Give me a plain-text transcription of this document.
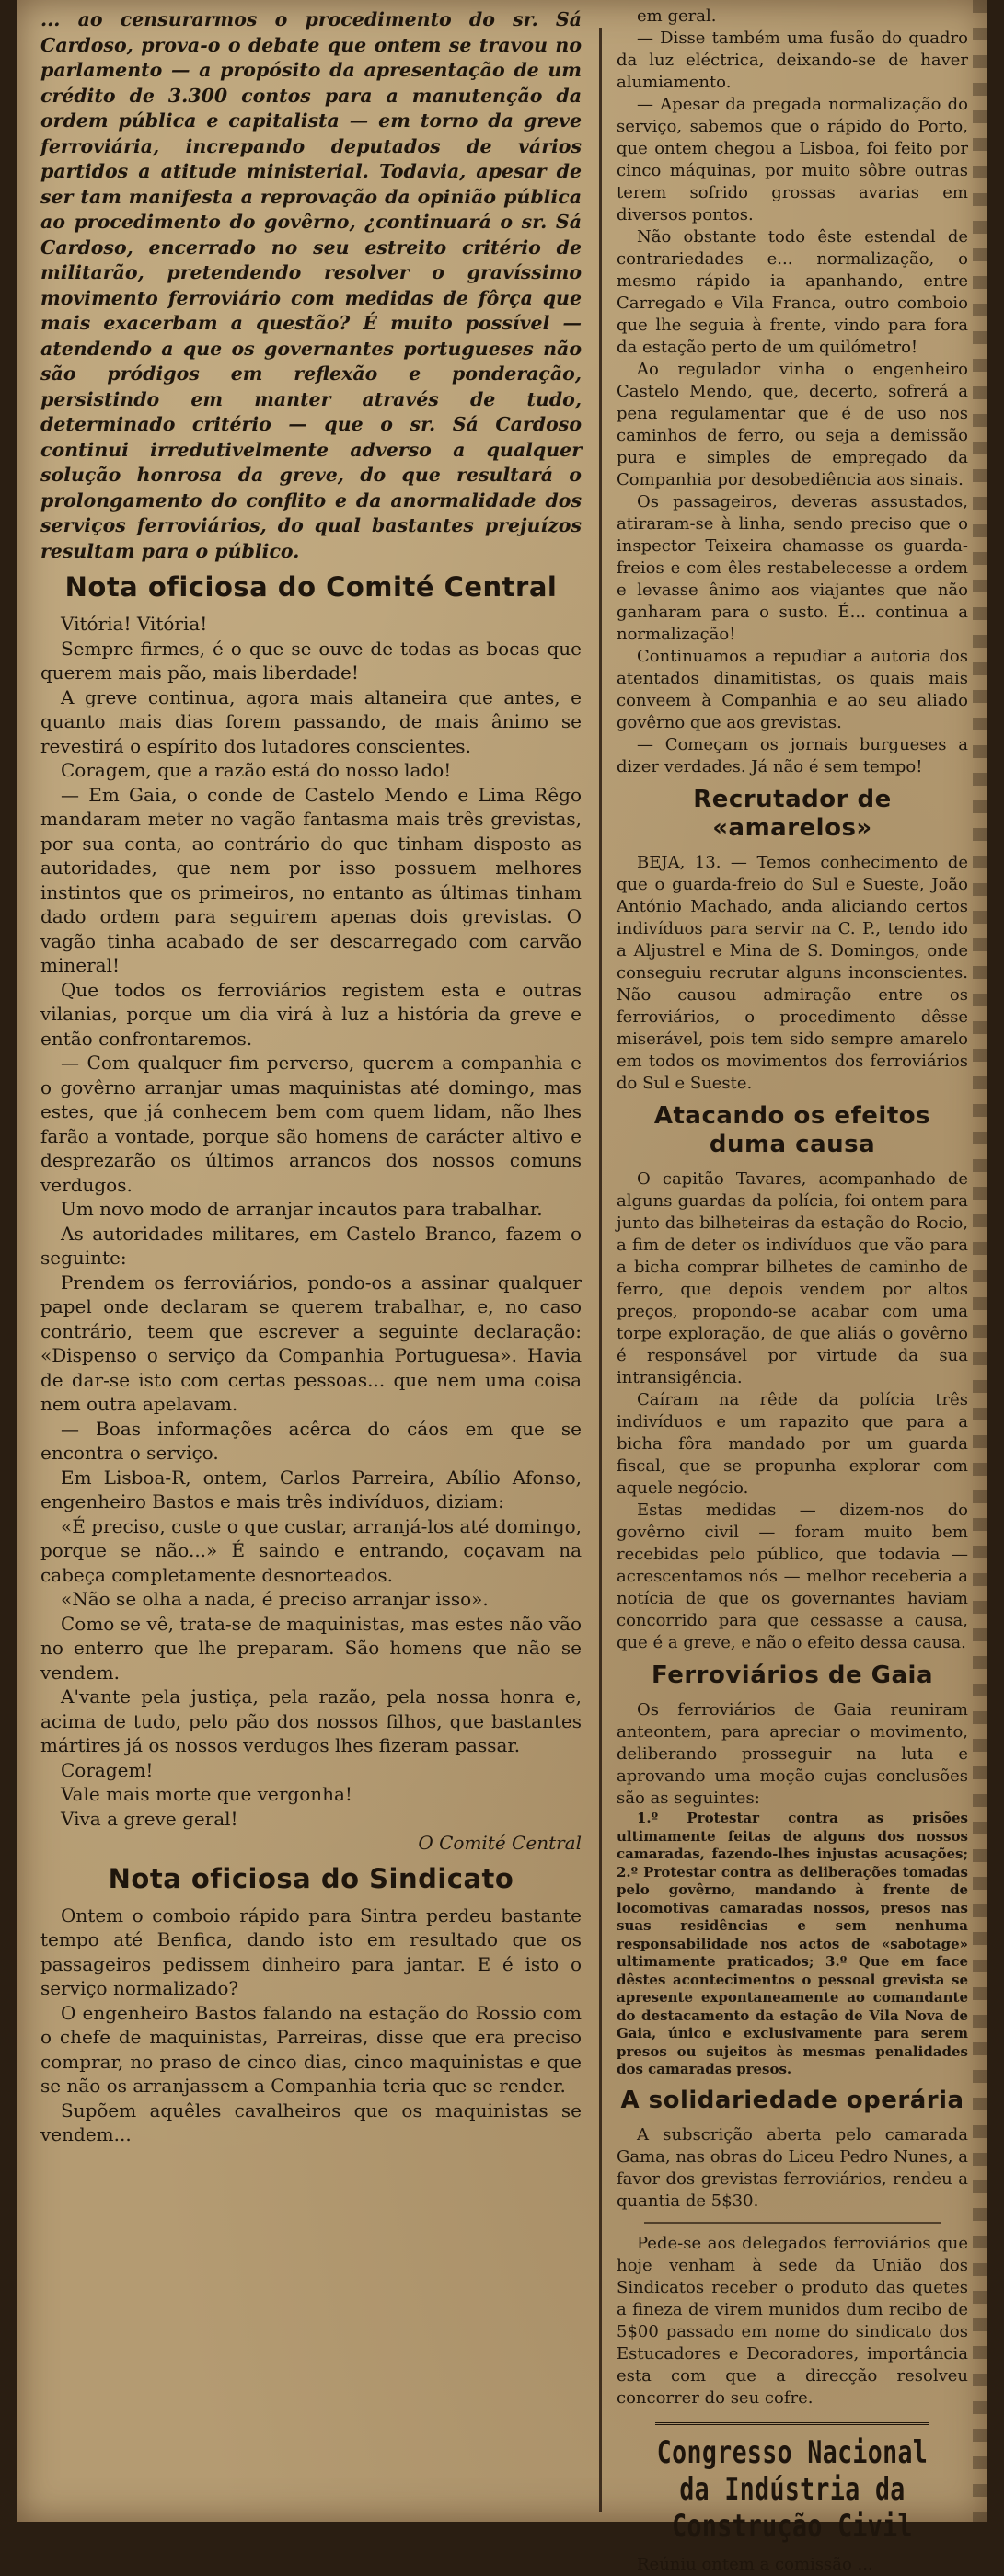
... ao censurarmos o procedimento do sr. Sá Cardoso, prova-o o debate que ontem se travou no parlamento — a propósito da apresentação de um crédito de 3.300 contos para a manutenção da ordem pública e capitalista — em torno da greve ferroviária, increpando deputados de vários partidos a atitude ministerial. Todavia, apesar de ser tam manifesta a reprovação da opinião pública ao procedimento do govêrno, ¿continuará o sr. Sá Cardoso, encerrado no seu estreito critério de militarão, pretendendo resolver o gravíssimo movimento ferroviário com medidas de fôrça que mais exacerbam a questão? É muito possível — atendendo a que os governantes portugueses não são pródigos em reflexão e ponderação, persistindo em manter através de tudo, determinado critério — que o sr. Sá Cardoso continui irredutivelmente adverso a qualquer solução honrosa da greve, do que resultará o prolongamento do conflito e da anormalidade dos serviços ferroviários, do qual bastantes prejuízos resultam para o público.

Nota oficiosa do Comité Central

Vitória! Vitória!

Sempre firmes, é o que se ouve de todas as bocas que querem mais pão, mais liberdade!

A greve continua, agora mais altaneira que antes, e quanto mais dias forem passando, de mais ânimo se revestirá o espírito dos lutadores conscientes.

Coragem, que a razão está do nosso lado!

— Em Gaia, o conde de Castelo Mendo e Lima Rêgo mandaram meter no vagão fantasma mais três grevistas, por sua conta, ao contrário do que tinham disposto as autoridades, que nem por isso possuem melhores instintos que os primeiros, no entanto as últimas tinham dado ordem para seguirem apenas dois grevistas. O vagão tinha acabado de ser descarregado com carvão mineral!

Que todos os ferroviários registem esta e outras vilanias, porque um dia virá à luz a história da greve e então confrontaremos.

— Com qualquer fim perverso, querem a companhia e o govêrno arranjar umas maquinistas até domingo, mas estes, que já conhecem bem com quem lidam, não lhes farão a vontade, porque são homens de carácter altivo e desprezarão os últimos arrancos dos nossos comuns verdugos.

Um novo modo de arranjar incautos para trabalhar.

As autoridades militares, em Castelo Branco, fazem o seguinte:

Prendem os ferroviários, pondo-os a assinar qualquer papel onde declaram se querem trabalhar, e, no caso contrário, teem que escrever a seguinte declaração: «Dispenso o serviço da Companhia Portuguesa». Havia de dar-se isto com certas pessoas... que nem uma coisa nem outra apelavam.

— Boas informações acêrca do cáos em que se encontra o serviço.

Em Lisboa-R, ontem, Carlos Parreira, Abílio Afonso, engenheiro Bastos e mais três indivíduos, diziam:

«É preciso, custe o que custar, arranjá-los até domingo, porque se não...» É saindo e entrando, coçavam na cabeça completamente desnorteados.

«Não se olha a nada, é preciso arranjar isso».

Como se vê, trata-se de maquinistas, mas estes não vão no enterro que lhe preparam. São homens que não se vendem.

A'vante pela justiça, pela razão, pela nossa honra e, acima de tudo, pelo pão dos nossos filhos, que bastantes mártires já os nossos verdugos lhes fizeram passar.

Coragem!

Vale mais morte que vergonha!

Viva a greve geral!

O Comité Central

Nota oficiosa do Sindicato

Ontem o comboio rápido para Sintra perdeu bastante tempo até Benfica, dando isto em resultado que os passageiros pedissem dinheiro para jantar. E é isto o serviço normalizado?

O engenheiro Bastos falando na estação do Rossio com o chefe de maquinistas, Parreiras, disse que era preciso comprar, no praso de cinco dias, cinco maquinistas e que se não os arranjassem a Companhia teria que se render.

Supõem aquêles cavalheiros que os maquinistas se vendem...

em geral.

— Disse também uma fusão do quadro da luz eléctrica, deixando-se de haver alumiamento.

— Apesar da pregada normalização do serviço, sabemos que o rápido do Porto, que ontem chegou a Lisboa, foi feito por cinco máquinas, por muito sôbre outras terem sofrido grossas avarias em diversos pontos.

Não obstante todo êste estendal de contrariedades e... normalização, o mesmo rápido ia apanhando, entre Carregado e Vila Franca, outro comboio que lhe seguia à frente, vindo para fora da estação perto de um quilómetro!

Ao regulador vinha o engenheiro Castelo Mendo, que, decerto, sofrerá a pena regulamentar que é de uso nos caminhos de ferro, ou seja a demissão pura e simples de empregado da Companhia por desobediência aos sinais.

Os passageiros, deveras assustados, atiraram-se à linha, sendo preciso que o inspector Teixeira chamasse os guarda-freios e com êles restabelecesse a ordem e levasse ânimo aos viajantes que não ganharam para o susto. É... continua a normalização!

Continuamos a repudiar a autoria dos atentados dinamitistas, os quais mais conveem à Companhia e ao seu aliado govêrno que aos grevistas.

— Começam os jornais burgueses a dizer verdades. Já não é sem tempo!

Recrutador de «amarelos»

BEJA, 13. — Temos conhecimento de que o guarda-freio do Sul e Sueste, João António Machado, anda aliciando certos indivíduos para servir na C. P., tendo ido a Aljustrel e Mina de S. Domingos, onde conseguiu recrutar alguns inconscientes. Não causou admiração entre os ferroviários, o procedimento dêsse miserável, pois tem sido sempre amarelo em todos os movimentos dos ferroviários do Sul e Sueste.

Atacando os efeitos duma causa

O capitão Tavares, acompanhado de alguns guardas da polícia, foi ontem para junto das bilheteiras da estação do Rocio, a fim de deter os indivíduos que vão para a bicha comprar bilhetes de caminho de ferro, que depois vendem por altos preços, propondo-se acabar com uma torpe exploração, de que aliás o govêrno é responsável por virtude da sua intransigência.

Caíram na rêde da polícia três indivíduos e um rapazito que para a bicha fôra mandado por um guarda fiscal, que se propunha explorar com aquele negócio.

Estas medidas — dizem-nos do govêrno civil — foram muito bem recebidas pelo público, que todavia — acrescentamos nós — melhor receberia a notícia de que os governantes haviam concorrido para que cessasse a causa, que é a greve, e não o efeito dessa causa.

Ferroviários de Gaia

Os ferroviários de Gaia reuniram anteontem, para apreciar o movimento, deliberando prosseguir na luta e aprovando uma moção cujas conclusões são as seguintes:

1.º Protestar contra as prisões ultimamente feitas de alguns dos nossos camaradas, fazendo-lhes injustas acusações; 2.º Protestar contra as deliberações tomadas pelo govêrno, mandando à frente de locomotivas camaradas nossos, presos nas suas residências e sem nenhuma responsabilidade nos actos de «sabotage» ultimamente praticados; 3.º Que em face dêstes acontecimentos o pessoal grevista se apresente expontaneamente ao comandante do destacamento da estação de Vila Nova de Gaia, único e exclusivamente para serem presos ou sujeitos às mesmas penalidades dos camaradas presos.

A solidariedade operária

A subscrição aberta pelo camarada Gama, nas obras do Liceu Pedro Nunes, a favor dos grevistas ferroviários, rendeu a quantia de 5$30.

Pede-se aos delegados ferroviários que hoje venham à sede da União dos Sindicatos receber o produto das quetes a fineza de virem munidos dum recibo de 5$00 passado em nome do sindicato dos Estucadores e Decoradores, importância esta com que a direcção resolveu concorrer do seu cofre.

Congresso Nacional da Indústria da Construção Civil

Reúniu ontem a comissão ...
